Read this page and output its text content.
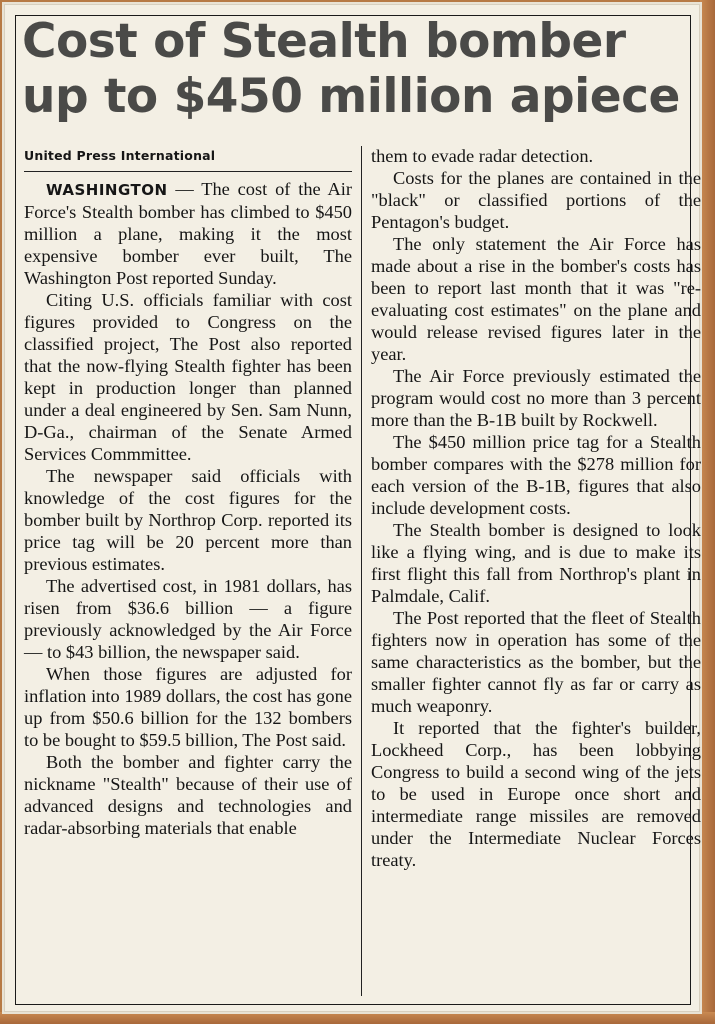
Cost of Stealth bomber up to $450 million apiece
United Press International

WASHINGTON — The cost of the Air Force's Stealth bomber has climbed to $450 million a plane, making it the most expensive bomber ever built, The Washington Post reported Sunday.

Citing U.S. officials familiar with cost figures provided to Congress on the classified project, The Post also reported that the now-flying Stealth fighter has been kept in production longer than planned under a deal engineered by Sen. Sam Nunn, D-Ga., chairman of the Senate Armed Services Commmittee.

The newspaper said officials with knowledge of the cost figures for the bomber built by Northrop Corp. reported its price tag will be 20 percent more than previous estimates.

The advertised cost, in 1981 dollars, has risen from $36.6 billion — a figure previously acknowledged by the Air Force — to $43 billion, the newspaper said.

When those figures are adjusted for inflation into 1989 dollars, the cost has gone up from $50.6 billion for the 132 bombers to be bought to $59.5 billion, The Post said.

Both the bomber and fighter carry the nickname "Stealth" because of their use of advanced designs and technologies and radar-absorbing materials that enable

them to evade radar detection.

Costs for the planes are contained in the "black" or classified portions of the Pentagon's budget.

The only statement the Air Force has made about a rise in the bomber's costs has been to report last month that it was "re-evaluating cost estimates" on the plane and would release revised figures later in the year.

The Air Force previously estimated the program would cost no more than 3 percent more than the B-1B built by Rockwell.

The $450 million price tag for a Stealth bomber compares with the $278 million for each version of the B-1B, figures that also include development costs.

The Stealth bomber is designed to look like a flying wing, and is due to make its first flight this fall from Northrop's plant in Palmdale, Calif.

The Post reported that the fleet of Stealth fighters now in operation has some of the same characteristics as the bomber, but the smaller fighter cannot fly as far or carry as much weaponry.

It reported that the fighter's builder, Lockheed Corp., has been lobbying Congress to build a second wing of the jets to be used in Europe once short and intermediate range missiles are removed under the Intermediate Nuclear Forces treaty.
